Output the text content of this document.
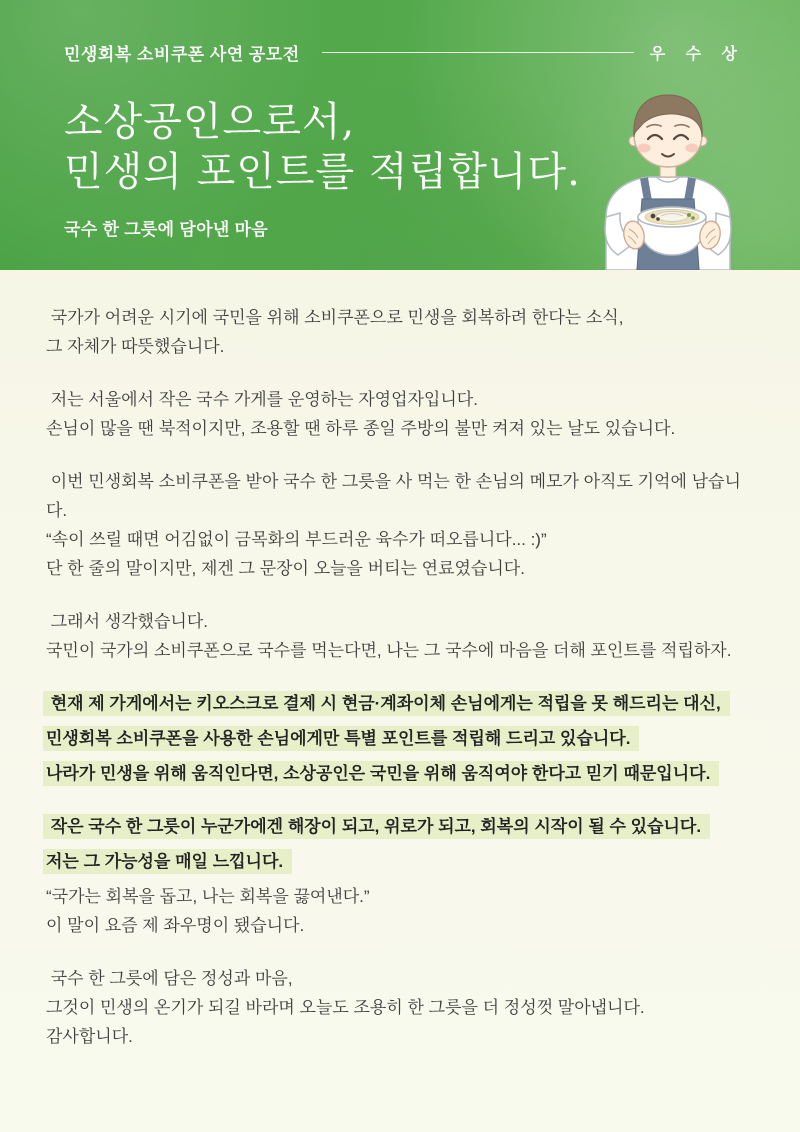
민생회복 소비쿠폰 사연 공모전	우 수 상
소상공인으로서,
민생의 포인트를 적립합니다.
국수 한 그릇에 담아낸 마음

국가가 어려운 시기에 국민을 위해 소비쿠폰으로 민생을 회복하려 한다는 소식,
그 자체가 따뜻했습니다.

저는 서울에서 작은 국수 가게를 운영하는 자영업자입니다.
손님이 많을 땐 북적이지만, 조용할 땐 하루 종일 주방의 불만 켜져 있는 날도 있습니다.

이번 민생회복 소비쿠폰을 받아 국수 한 그릇을 사 먹는 한 손님의 메모가 아직도 기억에 남습니다.
“속이 쓰릴 때면 어김없이 금목화의 부드러운 육수가 떠오릅니다... :)”
단 한 줄의 말이지만, 제겐 그 문장이 오늘을 버티는 연료였습니다.

그래서 생각했습니다.
국민이 국가의 소비쿠폰으로 국수를 먹는다면, 나는 그 국수에 마음을 더해 포인트를 적립하자.

현재 제 가게에서는 키오스크로 결제 시 현금·계좌이체 손님에게는 적립을 못 해드리는 대신,
민생회복 소비쿠폰을 사용한 손님에게만 특별 포인트를 적립해 드리고 있습니다.
나라가 민생을 위해 움직인다면, 소상공인은 국민을 위해 움직여야 한다고 믿기 때문입니다.

작은 국수 한 그릇이 누군가에겐 해장이 되고, 위로가 되고, 회복의 시작이 될 수 있습니다.
저는 그 가능성을 매일 느낍니다.
“국가는 회복을 돕고, 나는 회복을 끓여낸다.”
이 말이 요즘 제 좌우명이 됐습니다.

국수 한 그릇에 담은 정성과 마음,
그것이 민생의 온기가 되길 바라며 오늘도 조용히 한 그릇을 더 정성껏 말아냅니다.
감사합니다.
